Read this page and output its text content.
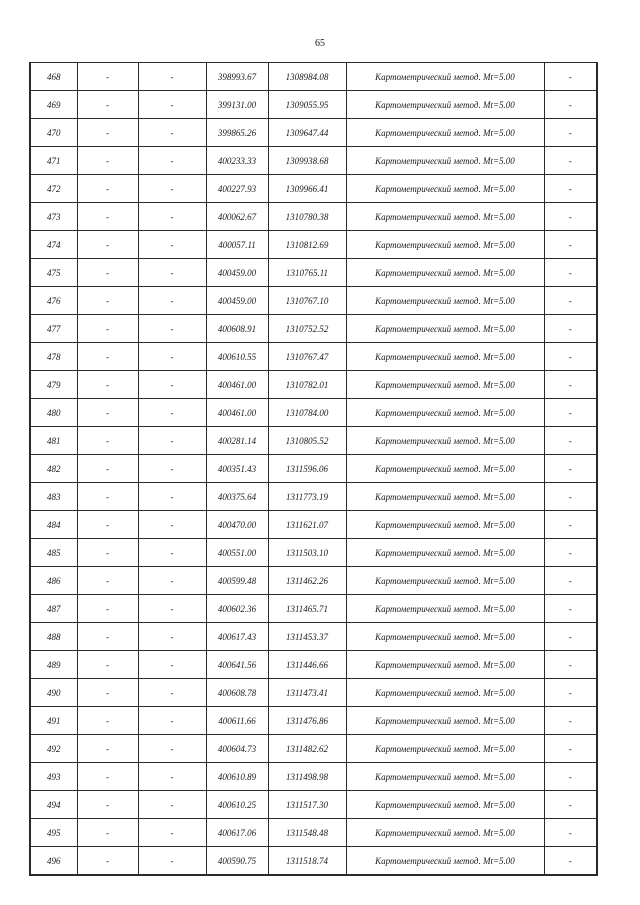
65
468	-	-	398993.67	1308984.08	Картометрический метод. Mt=5.00	-
469	-	-	399131.00	1309055.95	Картометрический метод. Mt=5.00	-
470	-	-	399865.26	1309647.44	Картометрический метод. Mt=5.00	-
471	-	-	400233.33	1309938.68	Картометрический метод. Mt=5.00	-
472	-	-	400227.93	1309966.41	Картометрический метод. Mt=5.00	-
473	-	-	400062.67	1310780.38	Картометрический метод. Mt=5.00	-
474	-	-	400057.11	1310812.69	Картометрический метод. Mt=5.00	-
475	-	-	400459.00	1310765.11	Картометрический метод. Mt=5.00	-
476	-	-	400459.00	1310767.10	Картометрический метод. Mt=5.00	-
477	-	-	400608.91	1310752.52	Картометрический метод. Mt=5.00	-
478	-	-	400610.55	1310767.47	Картометрический метод. Mt=5.00	-
479	-	-	400461.00	1310782.01	Картометрический метод. Mt=5.00	-
480	-	-	400461.00	1310784.00	Картометрический метод. Mt=5.00	-
481	-	-	400281.14	1310805.52	Картометрический метод. Mt=5.00	-
482	-	-	400351.43	1311596.06	Картометрический метод. Mt=5.00	-
483	-	-	400375.64	1311773.19	Картометрический метод. Mt=5.00	-
484	-	-	400470.00	1311621.07	Картометрический метод. Mt=5.00	-
485	-	-	400551.00	1311503.10	Картометрический метод. Mt=5.00	-
486	-	-	400599.48	1311462.26	Картометрический метод. Mt=5.00	-
487	-	-	400602.36	1311465.71	Картометрический метод. Mt=5.00	-
488	-	-	400617.43	1311453.37	Картометрический метод. Mt=5.00	-
489	-	-	400641.56	1311446.66	Картометрический метод. Mt=5.00	-
490	-	-	400608.78	1311473.41	Картометрический метод. Mt=5.00	-
491	-	-	400611.66	1311476.86	Картометрический метод. Mt=5.00	-
492	-	-	400604.73	1311482.62	Картометрический метод. Mt=5.00	-
493	-	-	400610.89	1311498.98	Картометрический метод. Mt=5.00	-
494	-	-	400610.25	1311517.30	Картометрический метод. Mt=5.00	-
495	-	-	400617.06	1311548.48	Картометрический метод. Mt=5.00	-
496	-	-	400590.75	1311518.74	Картометрический метод. Mt=5.00	-
